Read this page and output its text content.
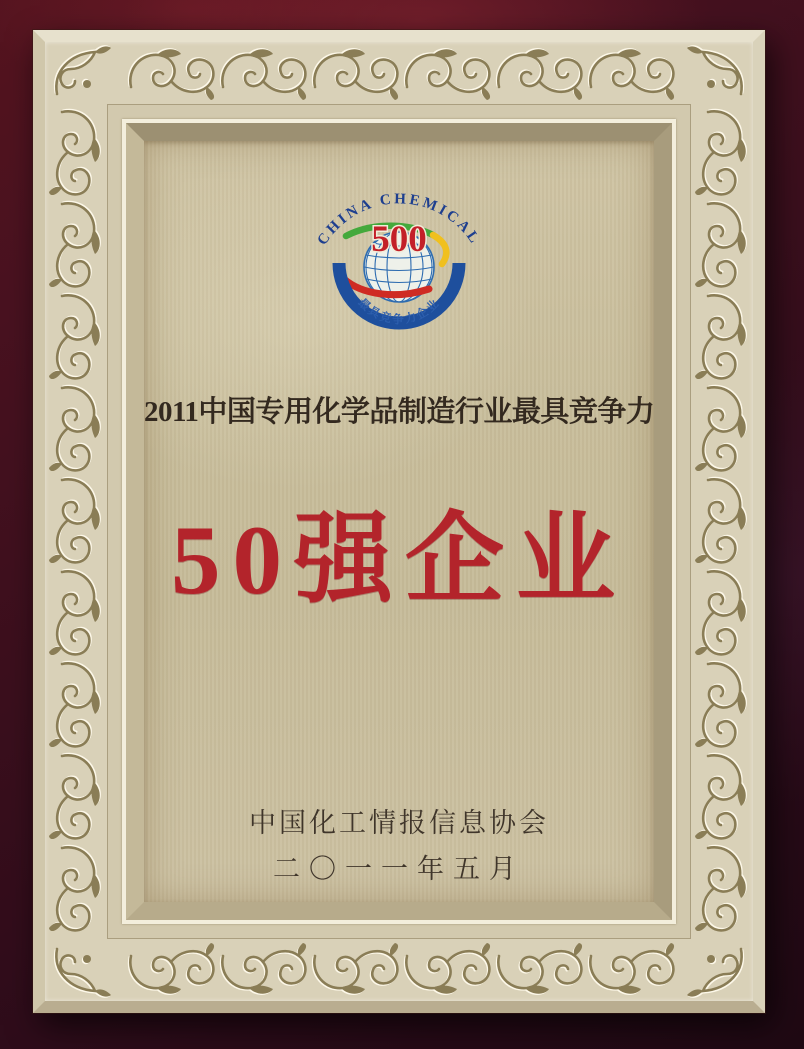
500
CHINA CHEMICAL
最具竞争力企业
2011中国专用化学品制造行业最具竞争力
50强企业
中国化工情报信息协会
二〇一一年五月
